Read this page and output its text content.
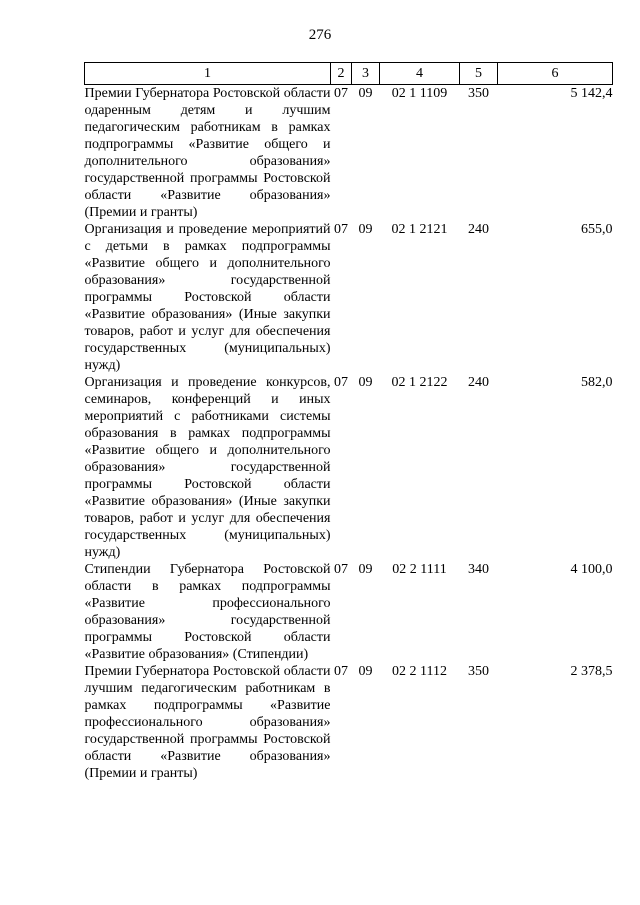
276
1	2	3	4	5	6
Премии Губернатора Ростовской области одаренным детям и лучшим педагогическим работникам в рамках подпрограммы «Развитие общего и дополнительного образования» государственной программы Ростовской области «Развитие образования» (Премии и гранты)	07	09	02 1 1109	350	5 142,4
Организация и проведение мероприятий с детьми в рамках подпрограммы «Развитие общего и дополнительного образования» государственной программы Ростовской области «Развитие образования» (Иные закупки товаров, работ и услуг для обеспечения государственных (муниципальных) нужд)	07	09	02 1 2121	240	655,0
Организация и проведение конкурсов, семинаров, конференций и иных мероприятий с работниками системы образования в рамках подпрограммы «Развитие общего и дополнительного образования» государственной программы Ростовской области «Развитие образования» (Иные закупки товаров, работ и услуг для обеспечения государственных (муниципальных) нужд)	07	09	02 1 2122	240	582,0
Стипендии Губернатора Ростовской области в рамках подпрограммы «Развитие профессионального образования» государственной программы Ростовской области «Развитие образования» (Стипендии)	07	09	02 2 1111	340	4 100,0
Премии Губернатора Ростовской области лучшим педагогическим работникам в рамках подпрограммы «Развитие профессионального образования» государственной программы Ростовской области «Развитие образования» (Премии и гранты)	07	09	02 2 1112	350	2 378,5
